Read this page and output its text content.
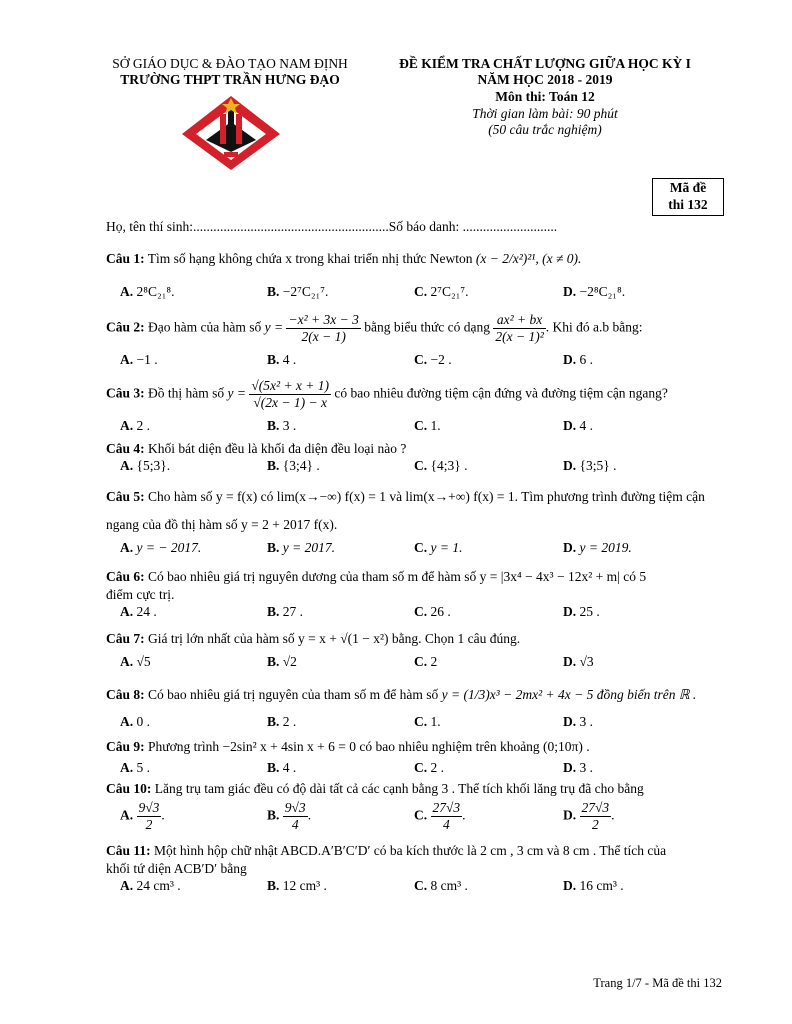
SỞ GIÁO DỤC & ĐÀO TẠO NAM ĐỊNH
TRƯỜNG THPT TRẦN HƯNG ĐẠO
ĐỀ KIỂM TRA CHẤT LƯỢNG GIỮA HỌC KỲ I
NĂM HỌC 2018 - 2019
Môn thi: Toán 12
Thời gian làm bài: 90 phút
(50 câu trắc nghiệm)
Mã đề
thi 132
Họ, tên thí sinh:..........................................................Số báo danh: ............................
Câu 1: Tìm số hạng không chứa x trong khai triển nhị thức Newton (x − 2/x²)²¹, (x ≠ 0).
A. 2⁸C₂₁⁸.	B. −2⁷C₂₁⁷.	C. 2⁷C₂₁⁷.	D. −2⁸C₂₁⁸.
Câu 2: Đạo hàm của hàm số $y = \frac{\text{−x² + 3x − 3}}{2(x - 1)}$ bằng biểu thức có dạng $\frac{\text{ax² + bx}}{\text{2(x − 1)²}}$ . Khi đó a.b bằng:
A. −1 .	B. 4 .	C. −2 .	D. 6 .
Câu 3: Đồ thị hàm số $y = \frac{\text{√(5x² + x + 1)}}{√(2x - 1) - x}$ có bao nhiêu đường tiệm cận đứng và đường tiệm cận ngang?
A. 2 .	B. 3 .	C. 1.	D. 4 .
Câu 4: Khối bát diện đều là khối đa diện đều loại nào ?
A. {5;3}.	B. {3;4} .	C. {4;3} .	D. {3;5} .
Câu 5: Cho hàm số y = f(x) có lim(x→−∞) f(x) = 1 và lim(x→+∞) f(x) = 1. Tìm phương trình đường tiệm cận
ngang của đồ thị hàm số y = 2 + 2017 f(x).
A. y = − 2017.	B. y = 2017.	C. y = 1.	D. y = 2019.
Câu 6: Có bao nhiêu giá trị nguyên dương của tham số m để hàm số y = |3x⁴ − 4x³ − 12x² + m| có 5
điểm cực trị.
A. 24 .	B. 27 .	C. 26 .	D. 25 .
Câu 7: Giá trị lớn nhất của hàm số y = x + √(1 − x²) bằng. Chọn 1 câu đúng.
A. √5	B. √2	C. 2	D. √3
Câu 8: Có bao nhiêu giá trị nguyên của tham số m để hàm số y = (1/3)x³ − 2mx² + 4x − 5 đồng biến trên ℝ .
A. 0 .	B. 2 .	C. 1.	D. 3 .
Câu 9: Phương trình −2sin² x + 4sin x + 6 = 0 có bao nhiêu nghiệm trên khoảng (0;10π) .
A. 5 .	B. 4 .	C. 2 .	D. 3 .
Câu 10: Lăng trụ tam giác đều có độ dài tất cả các cạnh bằng 3 . Thể tích khối lăng trụ đã cho bằng
A. $\frac{9√3}{2}$ .	B. $\frac{9√3}{4}$ .	C. $\frac{27√3}{4}$ .	D. $\frac{27√3}{2}$ .
Câu 11: Một hình hộp chữ nhật ABCD.A′B′C′D′ có ba kích thước là 2 cm , 3 cm và 8 cm . Thể tích của
khối tứ diện ACB′D′ bằng
A. 24 cm³ .	B. 12 cm³ .	C. 8 cm³ .	D. 16 cm³ .
Trang 1/7 - Mã đề thi 132
